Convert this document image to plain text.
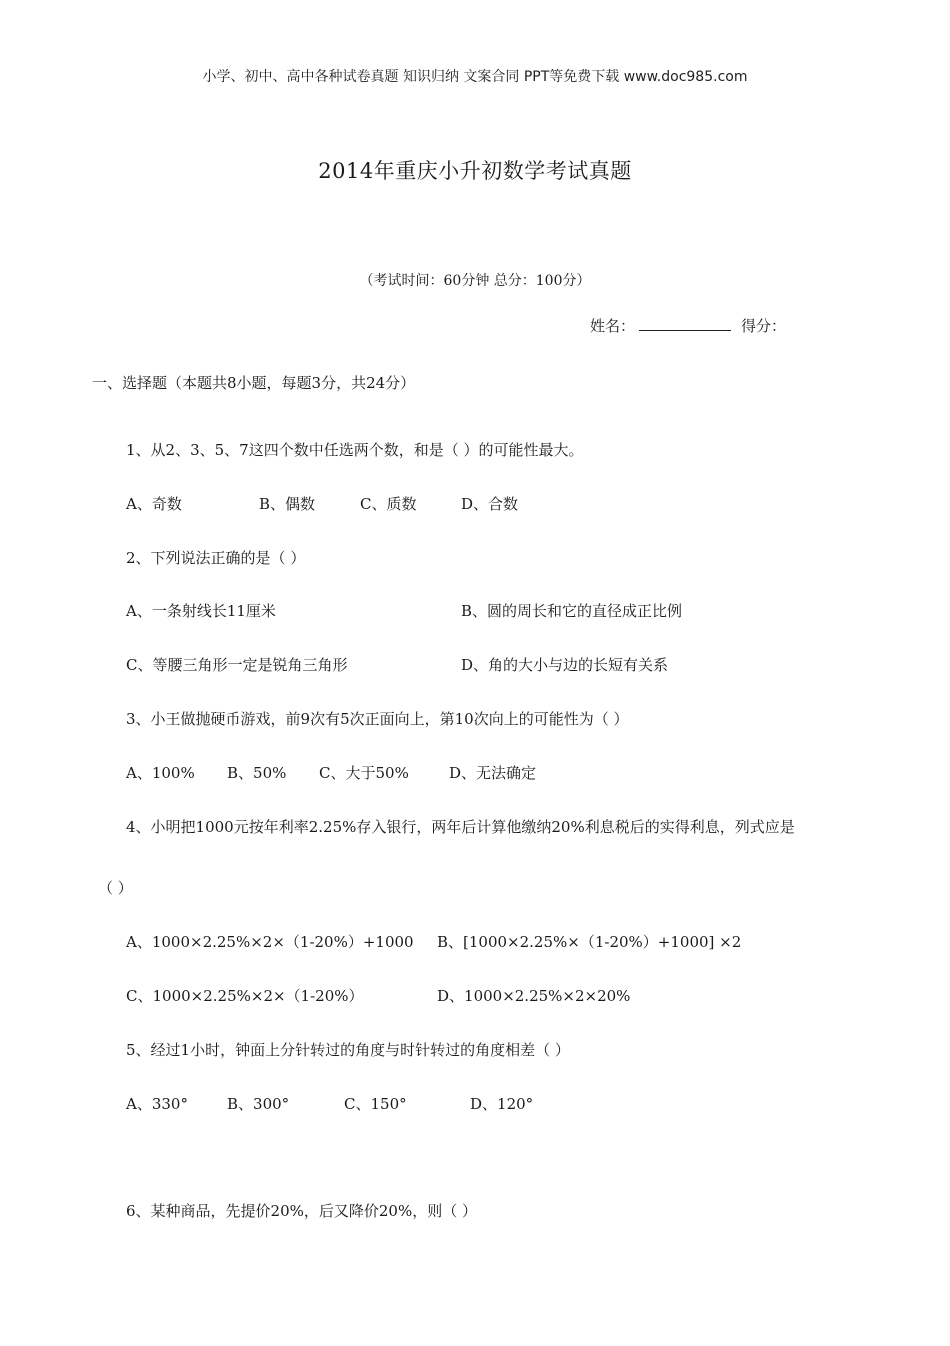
小学、初中、高中各种试卷真题 知识归纳 文案合同 PPT等免费下载 www.doc985.com
2014年重庆小升初数学考试真题
（考试时间：60分钟 总分：100分）
姓名：	得分：
一、选择题（本题共8小题，每题3分，共24分）
1、从2、3、5、7这四个数中任选两个数，和是（ ）的可能性最大。
A、奇数	B、偶数	C、质数	D、合数
2、下列说法正确的是（ ）
A、一条射线长11厘米	B、圆的周长和它的直径成正比例
C、等腰三角形一定是锐角三角形	D、角的大小与边的长短有关系
3、小王做抛硬币游戏，前9次有5次正面向上，第10次向上的可能性为（ ）
A、100% B、50% C、大于50%	D、无法确定
4、小明把1000元按年利率2.25%存入银行，两年后计算他缴纳20%利息税后的实得利息，列式应是
（ ）
A、1000×2.25%×2×（1-20%）+1000 B、[1000×2.25%×（1-20%）+1000] ×2
C、1000×2.25%×2×（1-20%）	D、1000×2.25%×2×20%
5、经过1小时，钟面上分针转过的角度与时针转过的角度相差（ ）
A、330°	B、300°	C、150°	D、120°
6、某种商品，先提价20%，后又降价20%，则（ ）
